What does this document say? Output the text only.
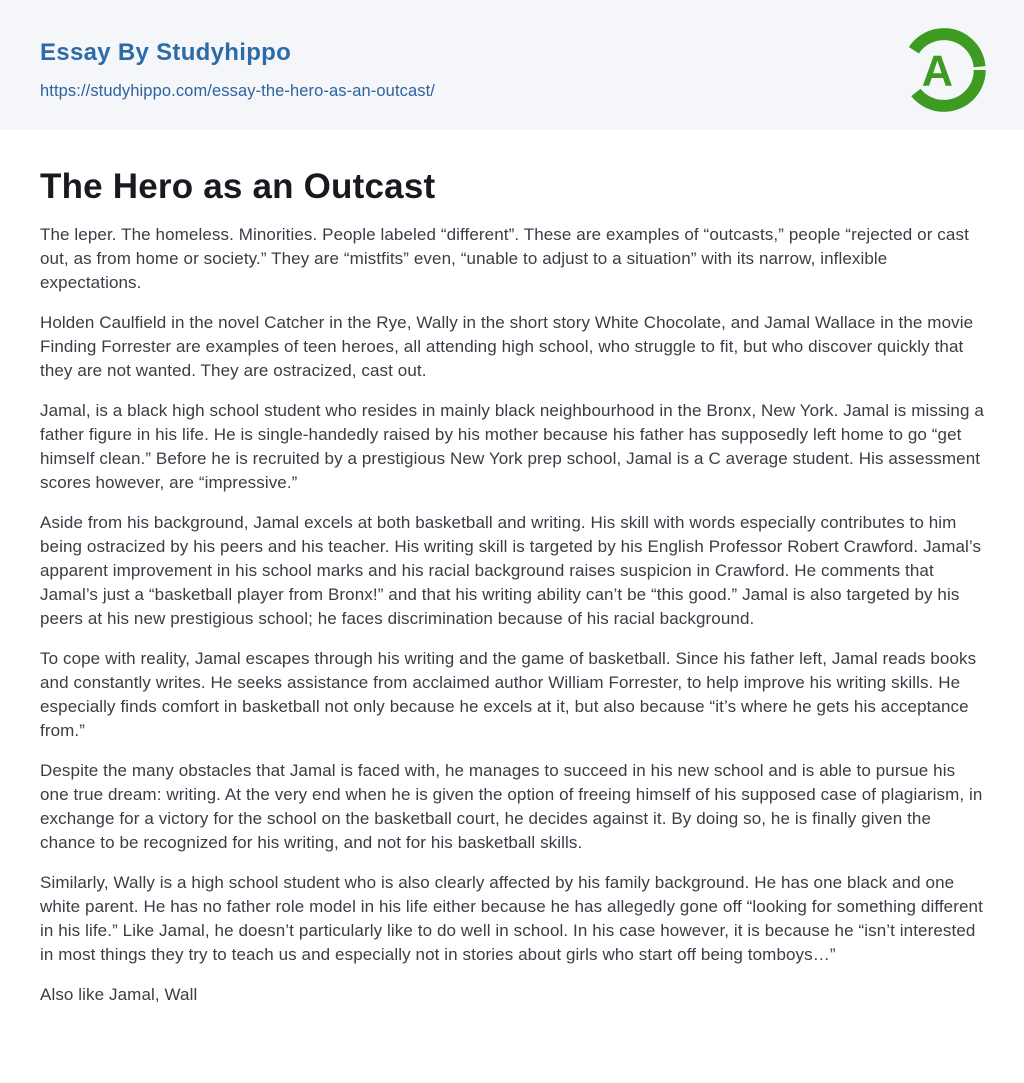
Essay By Studyhippo
https://studyhippo.com/essay-the-hero-as-an-outcast/	A
The Hero as an Outcast

The leper. The homeless. Minorities. People labeled “different”. These are examples of “outcasts,” people “rejected or cast out, as from home or society.” They are “mistfits” even, “unable to adjust to a situation” with its narrow, inflexible expectations.

Holden Caulfield in the novel Catcher in the Rye, Wally in the short story White Chocolate, and Jamal Wallace in the movie Finding Forrester are examples of teen heroes, all attending high school, who struggle to fit, but who discover quickly that they are not wanted. They are ostracized, cast out.

Jamal, is a black high school student who resides in mainly black neighbourhood in the Bronx, New York. Jamal is missing a father figure in his life. He is single-handedly raised by his mother because his father has supposedly left home to go “get himself clean.” Before he is recruited by a prestigious New York prep school, Jamal is a C average student. His assessment scores however, are “impressive.”

Aside from his background, Jamal excels at both basketball and writing. His skill with words especially contributes to him being ostracized by his peers and his teacher. His writing skill is targeted by his English Professor Robert Crawford. Jamal’s apparent improvement in his school marks and his racial background raises suspicion in Crawford. He comments that Jamal’s just a “basketball player from Bronx!” and that his writing ability can’t be “this good.” Jamal is also targeted by his peers at his new prestigious school; he faces discrimination because of his racial background.

To cope with reality, Jamal escapes through his writing and the game of basketball. Since his father left, Jamal reads books and constantly writes. He seeks assistance from acclaimed author William Forrester, to help improve his writing skills. He especially finds comfort in basketball not only because he excels at it, but also because “it’s where he gets his acceptance from.”

Despite the many obstacles that Jamal is faced with, he manages to succeed in his new school and is able to pursue his one true dream: writing. At the very end when he is given the option of freeing himself of his supposed case of plagiarism, in exchange for a victory for the school on the basketball court, he decides against it. By doing so, he is finally given the chance to be recognized for his writing, and not for his basketball skills.

Similarly, Wally is a high school student who is also clearly affected by his family background. He has one black and one white parent. He has no father role model in his life either because he has allegedly gone off “looking for something different in his life.” Like Jamal, he doesn’t particularly like to do well in school. In his case however, it is because he “isn’t interested in most things they try to teach us and especially not in stories about girls who start off being tomboys…”

Also like Jamal, Wall
